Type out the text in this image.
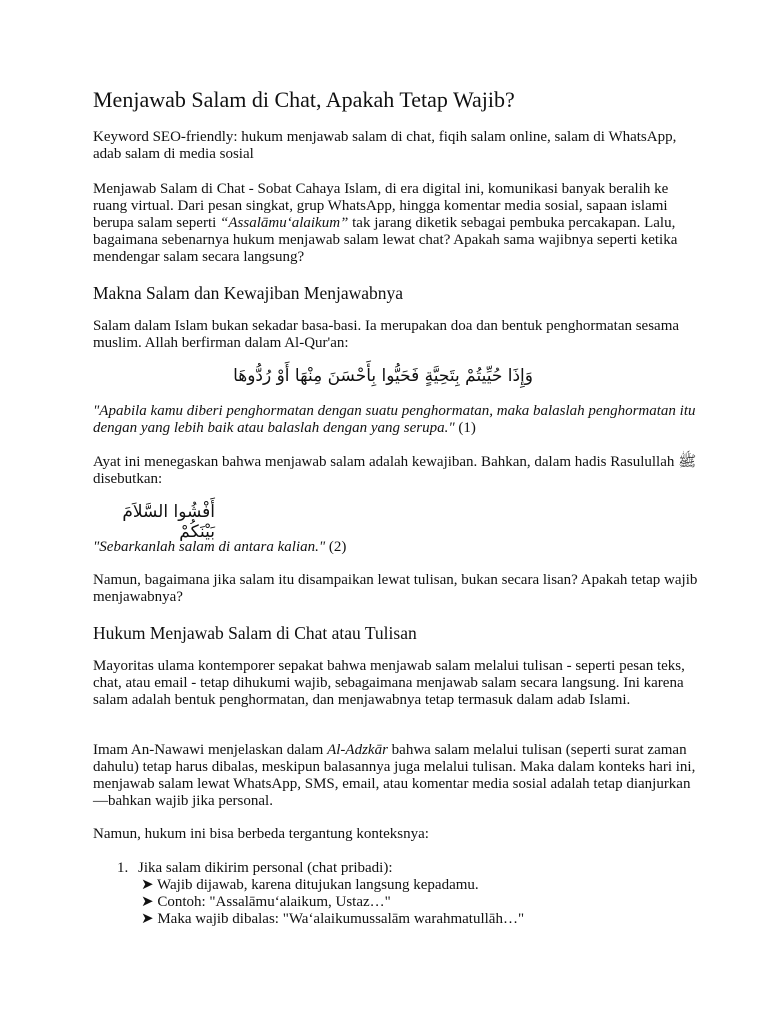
Menjawab Salam di Chat, Apakah Tetap Wajib?

Keyword SEO-friendly: hukum menjawab salam di chat, fiqih salam online, salam di WhatsApp, adab salam di media sosial

Menjawab Salam di Chat - Sobat Cahaya Islam, di era digital ini, komunikasi banyak beralih ke ruang virtual. Dari pesan singkat, grup WhatsApp, hingga komentar media sosial, sapaan islami berupa salam seperti “Assalāmu‘alaikum” tak jarang diketik sebagai pembuka percakapan. Lalu, bagaimana sebenarnya hukum menjawab salam lewat chat? Apakah sama wajibnya seperti ketika mendengar salam secara langsung?

Makna Salam dan Kewajiban Menjawabnya

Salam dalam Islam bukan sekadar basa-basi. Ia merupakan doa dan bentuk penghormatan sesama muslim. Allah berfirman dalam Al-Qur'an:

وَإِذَا حُيِّيتُمْ بِتَحِيَّةٍ فَحَيُّوا بِأَحْسَنَ مِنْهَا أَوْ رُدُّوهَا

"Apabila kamu diberi penghormatan dengan suatu penghormatan, maka balaslah penghormatan itu dengan yang lebih baik atau balaslah dengan yang serupa." (1)

Ayat ini menegaskan bahwa menjawab salam adalah kewajiban. Bahkan, dalam hadis Rasulullah ﷺ disebutkan:

أَفْشُوا السَّلاَمَ بَيْنَكُمْ

"Sebarkanlah salam di antara kalian." (2)

Namun, bagaimana jika salam itu disampaikan lewat tulisan, bukan secara lisan? Apakah tetap wajib menjawabnya?

Hukum Menjawab Salam di Chat atau Tulisan

Mayoritas ulama kontemporer sepakat bahwa menjawab salam melalui tulisan - seperti pesan teks, chat, atau email - tetap dihukumi wajib, sebagaimana menjawab salam secara langsung. Ini karena salam adalah bentuk penghormatan, dan menjawabnya tetap termasuk dalam adab Islami.

Imam An-Nawawi menjelaskan dalam Al-Adzkār bahwa salam melalui tulisan (seperti surat zaman dahulu) tetap harus dibalas, meskipun balasannya juga melalui tulisan. Maka dalam konteks hari ini, menjawab salam lewat WhatsApp, SMS, email, atau komentar media sosial adalah tetap dianjurkan—bahkan wajib jika personal.

Namun, hukum ini bisa berbeda tergantung konteksnya:

1. Jika salam dikirim personal (chat pribadi):
➤ Wajib dijawab, karena ditujukan langsung kepadamu.
➤ Contoh: "Assalāmu‘alaikum, Ustaz…"
➤ Maka wajib dibalas: "Wa‘alaikumussalām warahmatullāh…"
